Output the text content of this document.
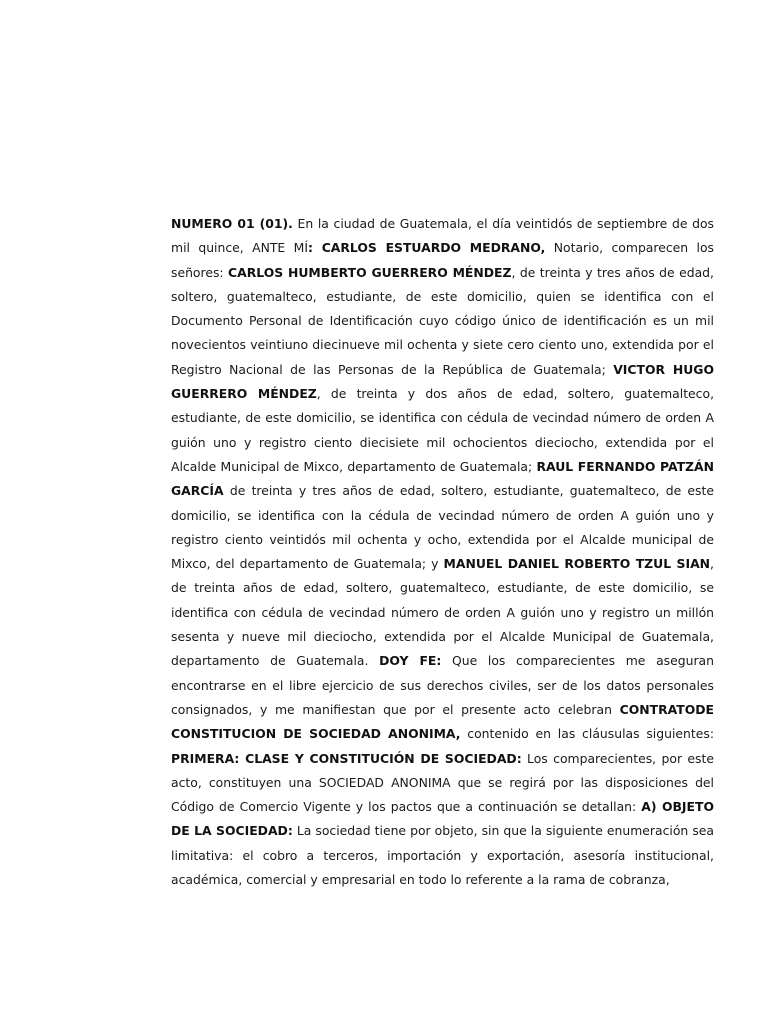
NUMERO 01 (01). En la ciudad de Guatemala, el día veintidós de septiembre de dos mil quince, ANTE MÍ: CARLOS ESTUARDO MEDRANO, Notario, comparecen los señores: CARLOS HUMBERTO GUERRERO MÉNDEZ, de treinta y tres años de edad, soltero, guatemalteco, estudiante, de este domicilio, quien se identifica con el Documento Personal de Identificación cuyo código único de identificación es un mil novecientos veintiuno diecinueve mil ochenta y siete cero ciento uno, extendida por el Registro Nacional de las Personas de la República de Guatemala; VICTOR HUGO GUERRERO MÉNDEZ, de treinta y dos años de edad, soltero, guatemalteco, estudiante, de este domicilio, se identifica con cédula de vecindad número de orden A guión uno y registro ciento diecisiete mil ochocientos dieciocho, extendida por el Alcalde Municipal de Mixco, departamento de Guatemala; RAUL FERNANDO PATZÁN GARCÍA de treinta y tres años de edad, soltero, estudiante, guatemalteco, de este domicilio, se identifica con la cédula de vecindad número de orden A guión uno y registro ciento veintidós mil ochenta y ocho, extendida por el Alcalde municipal de Mixco, del departamento de Guatemala; y MANUEL DANIEL ROBERTO TZUL SIAN, de treinta años de edad, soltero, guatemalteco, estudiante, de este domicilio, se identifica con cédula de vecindad número de orden A guión uno y registro un millón sesenta y nueve mil dieciocho, extendida por el Alcalde Municipal de Guatemala, departamento de Guatemala. DOY FE: Que los comparecientes me aseguran encontrarse en el libre ejercicio de sus derechos civiles, ser de los datos personales consignados, y me manifiestan que por el presente acto celebran CONTRATODE CONSTITUCION DE SOCIEDAD ANONIMA, contenido en las cláusulas siguientes: PRIMERA: CLASE Y CONSTITUCIÓN DE SOCIEDAD: Los comparecientes, por este acto, constituyen una SOCIEDAD ANONIMA que se regirá por las disposiciones del Código de Comercio Vigente y los pactos que a continuación se detallan: A) OBJETO DE LA SOCIEDAD: La sociedad tiene por objeto, sin que la siguiente enumeración sea limitativa: el cobro a terceros, importación y exportación, asesoría institucional, académica, comercial y empresarial en todo lo referente a la rama de cobranza,
